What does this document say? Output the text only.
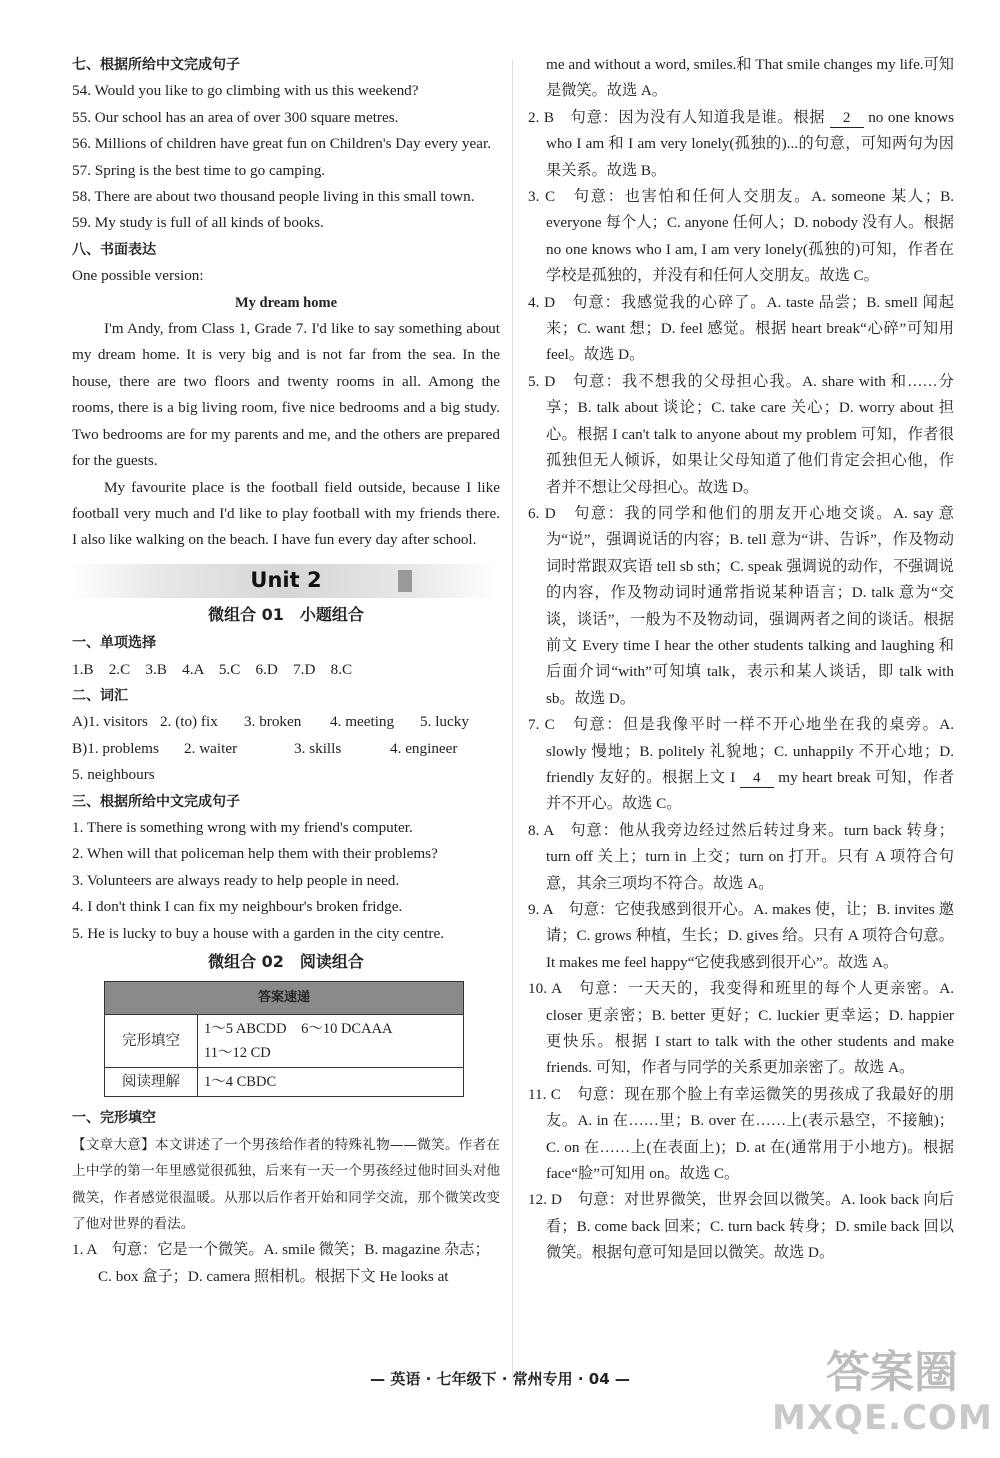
七、根据所给中文完成句子
54. Would you like to go climbing with us this weekend?
55. Our school has an area of over 300 square metres.
56. Millions of children have great fun on Children's Day every year.
57. Spring is the best time to go camping.
58. There are about two thousand people living in this small town.
59. My study is full of all kinds of books.
八、书面表达
One possible version:
My dream home

I'm Andy, from Class 1, Grade 7. I'd like to say something about my dream home. It is very big and is not far from the sea. In the house, there are two floors and twenty rooms in all. Among the rooms, there is a big living room, five nice bedrooms and a big study. Two bedrooms are for my parents and me, and the others are prepared for the guests.

My favourite place is the football field outside, because I like football very much and I'd like to play football with my friends there. I also like walking on the beach. I have fun every day after school.

Unit 2
微组合 01　小题组合
一、单项选择
1.B　2.C　3.B　4.A　5.C　6.D　7.D　8.C
二、词汇
A)1. visitors 2. (to) fix	3. broken	4. meeting	5. lucky
B)1. problems	2. waiter	3. skills	4. engineer
5. neighbours
三、根据所给中文完成句子
1. There is something wrong with my friend's computer.
2. When will that policeman help them with their problems?
3. Volunteers are always ready to help people in need.
4. I don't think I can fix my neighbour's broken fridge.
5. He is lucky to buy a house with a garden in the city centre.
微组合 02　阅读组合
答案速递	
完形填空	1～5 ABCDD　6～10 DCAAA
11～12 CD
阅读理解	1～4 CBDC
一、完形填空
【文章大意】本文讲述了一个男孩给作者的特殊礼物——微笑。作者在上中学的第一年里感觉很孤独，后来有一天一个男孩经过他时回头对他微笑，作者感觉很温暖。从那以后作者开始和同学交流，那个微笑改变了他对世界的看法。
1. A　句意：它是一个微笑。A. smile 微笑；B. magazine 杂志；C. box 盒子；D. camera 照相机。根据下文 He looks at
me and without a word, smiles.和 That smile changes my life.可知是微笑。故选 A。
2. B　句意：因为没有人知道我是谁。根据 2 no one knows who I am 和 I am very lonely(孤独的)...的句意，可知两句为因果关系。故选 B。
3. C　句意：也害怕和任何人交朋友。A. someone 某人；B. everyone 每个人；C. anyone 任何人；D. nobody 没有人。根据 no one knows who I am, I am very lonely(孤独的)可知，作者在学校是孤独的，并没有和任何人交朋友。故选 C。
4. D　句意：我感觉我的心碎了。A. taste 品尝；B. smell 闻起来；C. want 想；D. feel 感觉。根据 heart break“心碎”可知用 feel。故选 D。
5. D　句意：我不想我的父母担心我。A. share with 和……分享；B. talk about 谈论；C. take care 关心；D. worry about 担心。根据 I can't talk to anyone about my problem 可知，作者很孤独但无人倾诉，如果让父母知道了他们肯定会担心他，作者并不想让父母担心。故选 D。
6. D　句意：我的同学和他们的朋友开心地交谈。A. say 意为“说”，强调说话的内容；B. tell 意为“讲、告诉”，作及物动词时常跟双宾语 tell sb sth；C. speak 强调说的动作，不强调说的内容，作及物动词时通常指说某种语言；D. talk 意为“交谈，谈话”，一般为不及物动词，强调两者之间的谈话。根据前文 Every time I hear the other students talking and laughing 和后面介词“with”可知填 talk，表示和某人谈话，即 talk with sb。故选 D。
7. C　句意：但是我像平时一样不开心地坐在我的桌旁。A. slowly 慢地；B. politely 礼貌地；C. unhappily 不开心地；D. friendly 友好的。根据上文 I 4 my heart break 可知，作者并不开心。故选 C。
8. A　句意：他从我旁边经过然后转过身来。turn back 转身；turn off 关上；turn in 上交；turn on 打开。只有 A 项符合句意，其余三项均不符合。故选 A。
9. A　句意：它使我感到很开心。A. makes 使，让；B. invites 邀请；C. grows 种植，生长；D. gives 给。只有 A 项符合句意。It makes me feel happy“它使我感到很开心”。故选 A。
10. A　句意：一天天的，我变得和班里的每个人更亲密。A. closer 更亲密；B. better 更好；C. luckier 更幸运；D. happier 更快乐。根据 I start to talk with the other students and make friends. 可知，作者与同学的关系更加亲密了。故选 A。
11. C　句意：现在那个脸上有幸运微笑的男孩成了我最好的朋友。A. in 在……里；B. over 在……上(表示悬空，不接触)；C. on 在……上(在表面上)；D. at 在(通常用于小地方)。根据 face“脸”可知用 on。故选 C。
12. D　句意：对世界微笑，世界会回以微笑。A. look back 向后看；B. come back 回来；C. turn back 转身；D. smile back 回以微笑。根据句意可知是回以微笑。故选 D。
— 英语 · 七年级下 · 常州专用 · 04 —	答案圈
MXQE.COM
